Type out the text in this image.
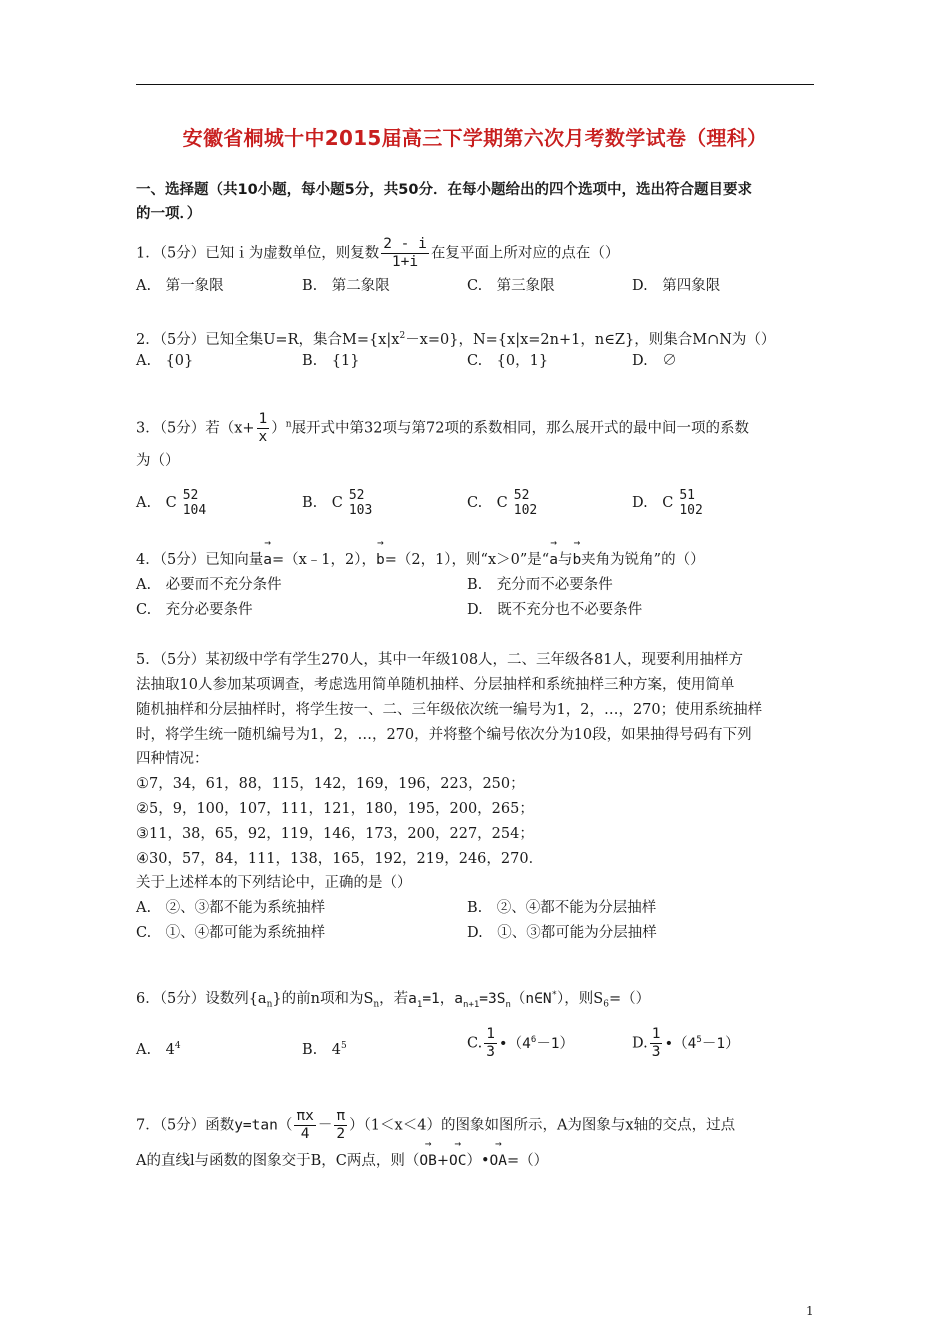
安徽省桐城十中2015届高三下学期第六次月考数学试卷（理科）
一、选择题（共10小题，每小题5分，共50分．在每小题给出的四个选项中，选出符合题目要求
的一项．）
1．（5分）已知ｉ为虚数单位，则复数 $\frac{2 - i}{1+i}$ 在复平面上所对应的点在（）
A.　第一象限	B.　第二象限	C.　第三象限	D.　第四象限
2．（5分）已知全集U=R，集合$M=\{x|x^2-x=0\}$，N={x|x=2n+1，n∈Z}，则集合M∩N为（）
A.　{0}	B.　{1}	C.　{0，1}	D.　∅
3．（5分）若$(x+ \frac{1}{x} )^n$展开式中第32项与第72项的系数相同，那么展开式的最中间一项的系数
为（）
A.　C 52
104	B.　C 52
103	C.　C 52
102	D.　C 51
102
4．（5分）已知向量→ a=（x﹣1，2），→ b=（2，1），则“x＞0”是“→ a与→ b夹角为锐角”的（）
A.　必要而不充分条件	B.　充分而不必要条件
C.　充分必要条件	D.　既不充分也不必要条件
5．（5分）某初级中学有学生270人，其中一年级108人，二、三年级各81人，现要利用抽样方
法抽取10人参加某项调查，考虑选用简单随机抽样、分层抽样和系统抽样三种方案，使用简单
随机抽样和分层抽样时，将学生按一、二、三年级依次统一编号为1，2，…，270；使用系统抽样
时，将学生统一随机编号为1，2，…，270，并将整个编号依次分为10段，如果抽得号码有下列
四种情况：
①7，34，61，88，115，142，169，196，223，250；
②5，9，100，107，111，121，180，195，200，265；
③11，38，65，92，119，146，173，200，227，254；
④30，57，84，111，138，165，192，219，246，270．
关于上述样本的下列结论中，正确的是（）
A.　②、③都不能为系统抽样	B.　②、④都不能为分层抽样
C.　①、④都可能为系统抽样	D.　①、③都可能为分层抽样
6．（5分）设数列$\{a_n\}$的前n项和为$S_n$，若$a_1=1$，$a_{n+1}=3S_n(n\in N^*)$，则$S_6=()$
A.　$4^4$	B.　$4^5$	C. $\frac{1}{3}$ $•(4^6-1)$	D. $\frac{1}{3}$ $•(4^5-1)$
7．（5分）函数$y=\tan( \frac{\pi x}{4} - \frac{\pi}{2} )(1<x<4)$的图象如图所示，A为图象与x轴的交点，过点
A的直线l与函数的图象交于B，C两点，则（→ OB+→ OC）•→ OA=（）
1
